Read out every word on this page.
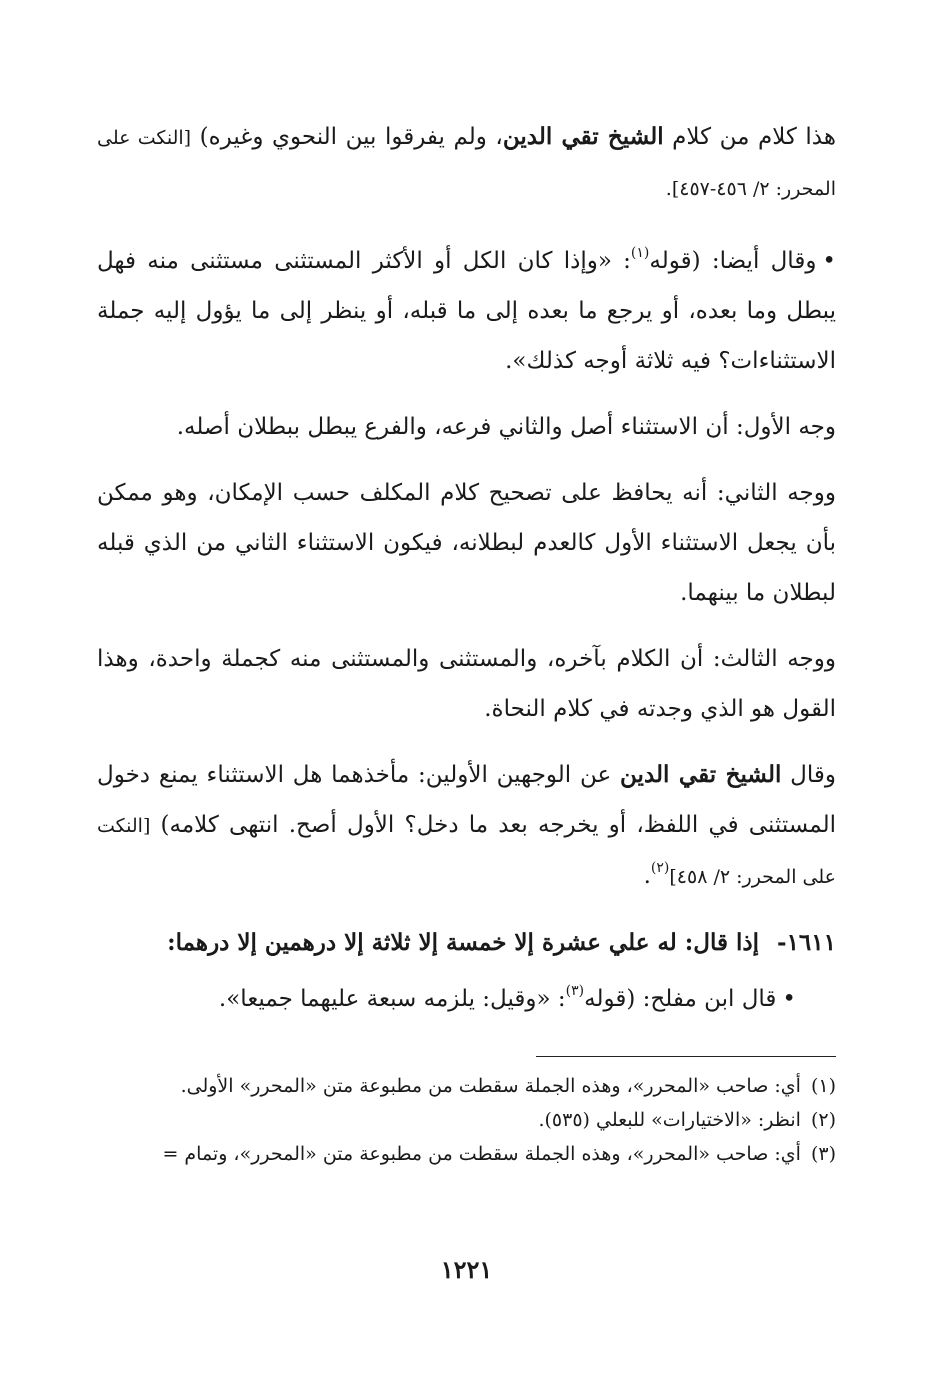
هذا كلام من كلام الشيخ تقي الدين، ولم يفرقوا بين النحوي وغيره) [النكت على المحرر: ٢/ ٤٥٦-٤٥٧].

•وقال أيضا: (قوله$^{(١)}$: «وإذا كان الكل أو الأكثر المستثنى مستثنى منه فهل يبطل وما بعده، أو يرجع ما بعده إلى ما قبله، أو ينظر إلى ما يؤول إليه جملة الاستثناءات؟ فيه ثلاثة أوجه كذلك».

وجه الأول: أن الاستثناء أصل والثاني فرعه، والفرع يبطل ببطلان أصله.

ووجه الثاني: أنه يحافظ على تصحيح كلام المكلف حسب الإمكان، وهو ممكن بأن يجعل الاستثناء الأول كالعدم لبطلانه، فيكون الاستثناء الثاني من الذي قبله لبطلان ما بينهما.

ووجه الثالث: أن الكلام بآخره، والمستثنى والمستثنى منه كجملة واحدة، وهذا القول هو الذي وجدته في كلام النحاة.

وقال الشيخ تقي الدين عن الوجهين الأولين: مأخذهما هل الاستثناء يمنع دخول المستثنى في اللفظ، أو يخرجه بعد ما دخل؟ الأول أصح. انتهى كلامه) [النكت على المحرر: ٢/ ٤٥٨]$^{(٢)}$.

١٦١١-إذا قال: له علي عشرة إلا خمسة إلا ثلاثة إلا درهمين إلا درهما:

•قال ابن مفلح: (قوله$^{(٣)}$: «وقيل: يلزمه سبعة عليهما جميعا».

(١)أي: صاحب «المحرر»، وهذه الجملة سقطت من مطبوعة متن «المحرر» الأولى.
(٢)انظر: «الاختيارات» للبعلي (٥٣٥).
(٣)أي: صاحب «المحرر»، وهذه الجملة سقطت من مطبوعة متن «المحرر»، وتمام =
١٢٢١
